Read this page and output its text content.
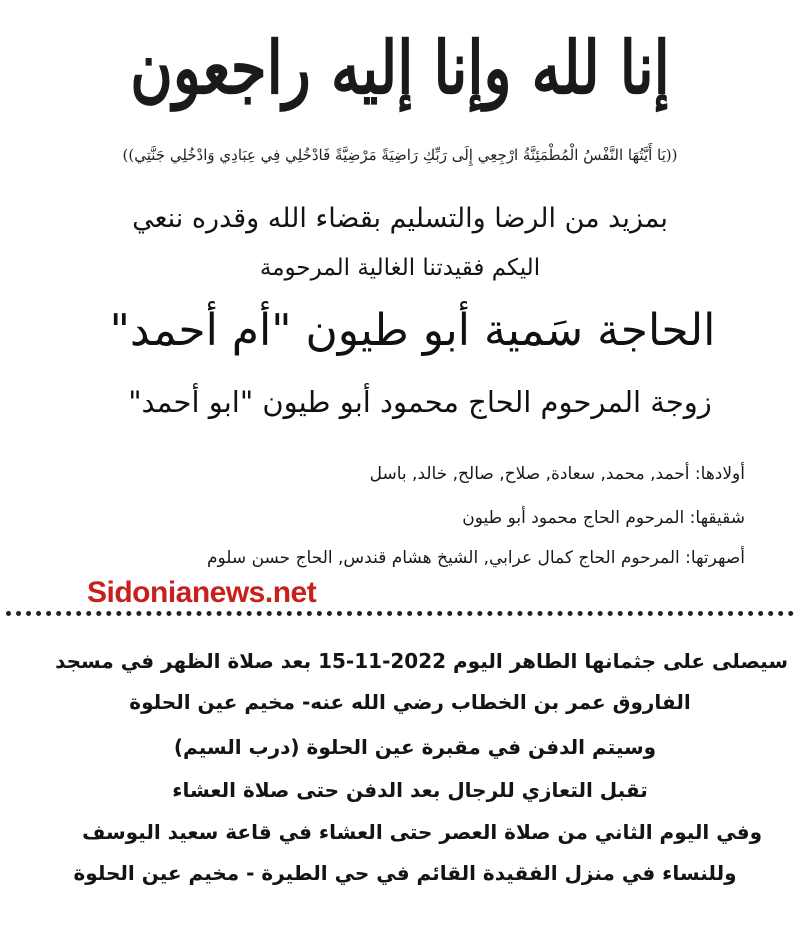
إنا لله وإنا إليه راجعون
((يَا أَيَّتُهَا النَّفْسُ الْمُطْمَئِنَّةُ ارْجِعِي إِلَى رَبِّكِ رَاضِيَةً مَرْضِيَّةً فَادْخُلِي فِي عِبَادِي وَادْخُلِي جَنَّتِي))
بمزيد من الرضا والتسليم بقضاء الله وقدره ننعي
اليكم فقيدتنا الغالية المرحومة
الحاجة سَمية أبو طيون "أم أحمد"
زوجة المرحوم الحاج محمود أبو طيون "ابو أحمد"
أولادها: أحمد, محمد, سعادة, صلاح, صالح, خالد, باسل
شقيقها: المرحوم الحاج محمود أبو طيون
أصهرتها: المرحوم الحاج كمال عرابي, الشيخ هشام قندس, الحاج حسن سلوم
Sidonianews.net
سيصلى على جثمانها الطاهر اليوم 2022-11-15 بعد صلاة الظهر في مسجد
الفاروق عمر بن الخطاب رضي الله عنه- مخيم عين الحلوة
وسيتم الدفن في مقبرة عين الحلوة (درب السيم)
تقبل التعازي للرجال بعد الدفن حتى صلاة العشاء
وفي اليوم الثاني من صلاة العصر حتى العشاء في قاعة سعيد اليوسف
وللنساء في منزل الفقيدة القائم في حي الطيرة - مخيم عين الحلوة
